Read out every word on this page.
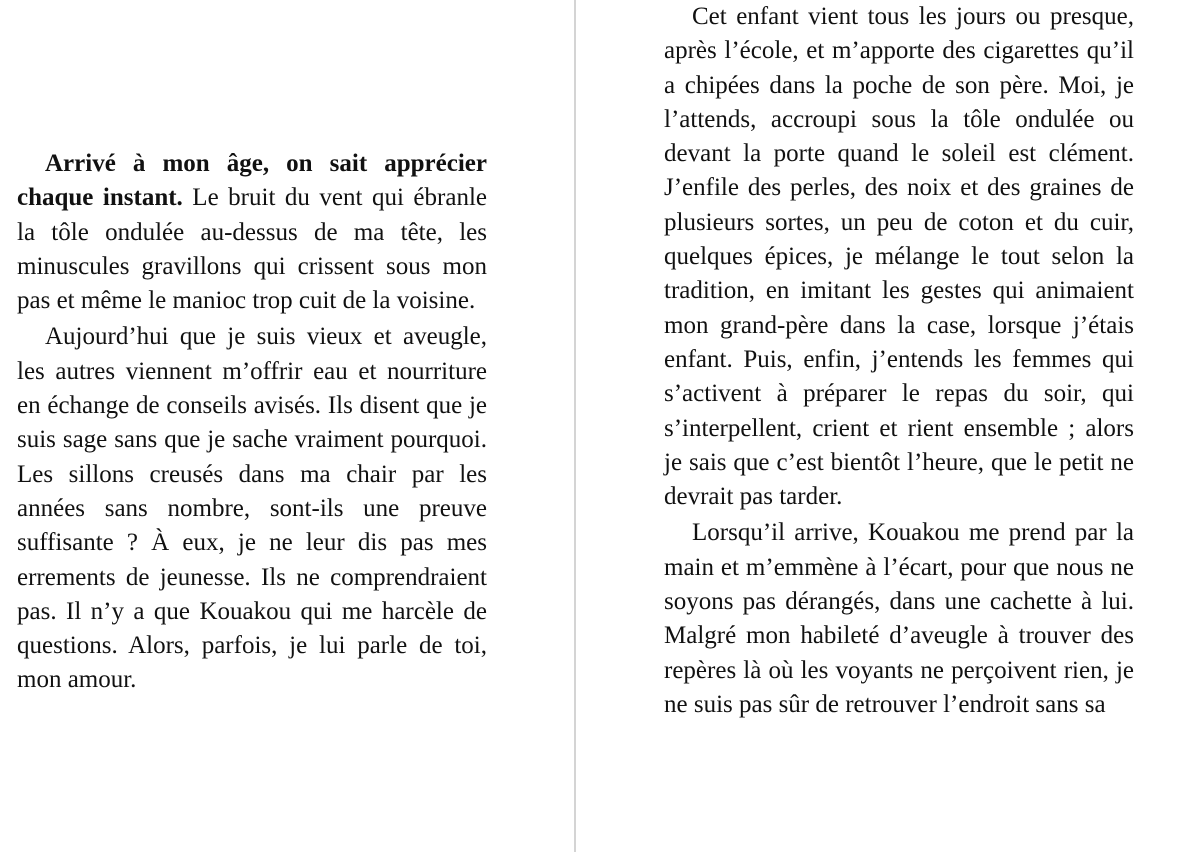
Arrivé à mon âge, on sait apprécier chaque instant. Le bruit du vent qui ébranle la tôle ondulée au-dessus de ma tête, les minuscules gravillons qui crissent sous mon pas et même le manioc trop cuit de la voisine.

Aujourd’hui que je suis vieux et aveugle, les autres viennent m’offrir eau et nourriture en échange de conseils avisés. Ils disent que je suis sage sans que je sache vraiment pourquoi. Les sillons creusés dans ma chair par les années sans nombre, sont-ils une preuve suffisante ? À eux, je ne leur dis pas mes errements de jeunesse. Ils ne comprendraient pas. Il n’y a que Kouakou qui me harcèle de questions. Alors, parfois, je lui parle de toi, mon amour.

Cet enfant vient tous les jours ou presque, après l’école, et m’apporte des cigarettes qu’il a chipées dans la poche de son père. Moi, je l’attends, accroupi sous la tôle ondulée ou devant la porte quand le soleil est clément. J’enfile des perles, des noix et des graines de plusieurs sortes, un peu de coton et du cuir, quelques épices, je mélange le tout selon la tradition, en imitant les gestes qui animaient mon grand-père dans la case, lorsque j’étais enfant. Puis, enfin, j’entends les femmes qui s’activent à préparer le repas du soir, qui s’interpellent, crient et rient ensemble ; alors je sais que c’est bientôt l’heure, que le petit ne devrait pas tarder.

Lorsqu’il arrive, Kouakou me prend par la main et m’emmène à l’écart, pour que nous ne soyons pas dérangés, dans une cachette à lui. Malgré mon habileté d’aveugle à trouver des repères là où les voyants ne perçoivent rien, je ne suis pas sûr de retrouver l’endroit sans sa
